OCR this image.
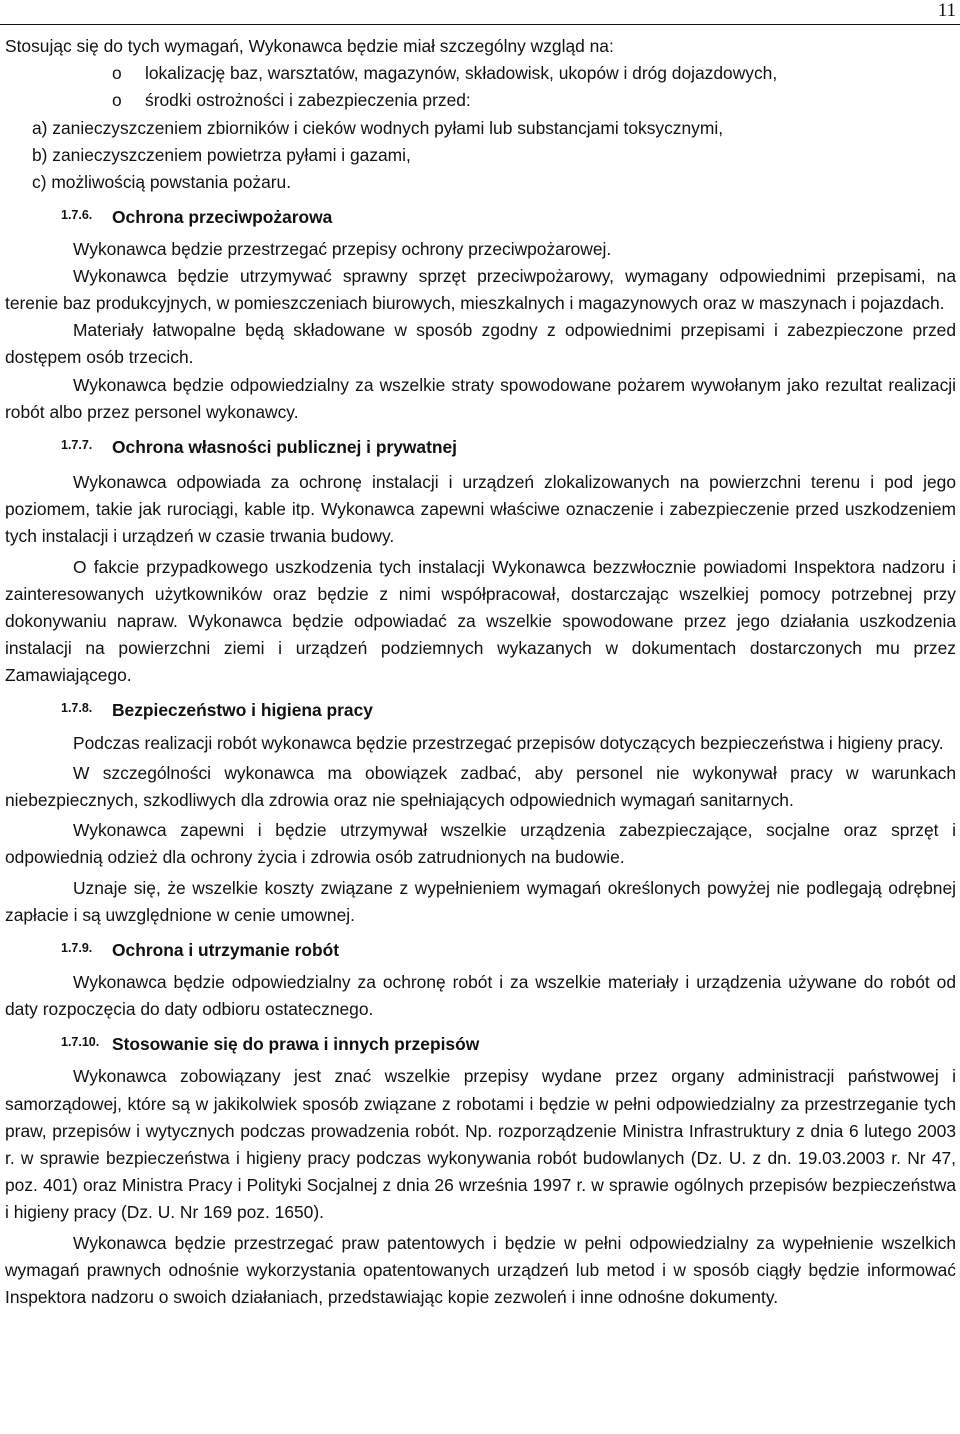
11

Stosując się do tych wymagań, Wykonawca będzie miał szczególny wzgląd na:

o lokalizację baz, warsztatów, magazynów, składowisk, ukopów i dróg dojazdowych,
o środki ostrożności i zabezpieczenia przed:
a) zanieczyszczeniem zbiorników i cieków wodnych pyłami lub substancjami toksycznymi,
b) zanieczyszczeniem powietrza pyłami i gazami,
c) możliwością powstania pożaru.
1.7.6. Ochrona przeciwpożarowa

Wykonawca będzie przestrzegać przepisy ochrony przeciwpożarowej.

Wykonawca będzie utrzymywać sprawny sprzęt przeciwpożarowy, wymagany odpowiednimi przepisami, na terenie baz produkcyjnych, w pomieszczeniach biurowych, mieszkalnych i magazynowych oraz w maszynach i pojazdach.

Materiały łatwopalne będą składowane w sposób zgodny z odpowiednimi przepisami i zabezpieczone przed dostępem osób trzecich.

Wykonawca będzie odpowiedzialny za wszelkie straty spowodowane pożarem wywołanym jako rezultat realizacji robót albo przez personel wykonawcy.

1.7.7. Ochrona własności publicznej i prywatnej

Wykonawca odpowiada za ochronę instalacji i urządzeń zlokalizowanych na powierzchni terenu i pod jego poziomem, takie jak rurociągi, kable itp. Wykonawca zapewni właściwe oznaczenie i zabezpieczenie przed uszkodzeniem tych instalacji i urządzeń w czasie trwania budowy.

O fakcie przypadkowego uszkodzenia tych instalacji Wykonawca bezzwłocznie powiadomi Inspektora nadzoru i zainteresowanych użytkowników oraz będzie z nimi współpracował, dostarczając wszelkiej pomocy potrzebnej przy dokonywaniu napraw. Wykonawca będzie odpowiadać za wszelkie spowodowane przez jego działania uszkodzenia instalacji na powierzchni ziemi i urządzeń podziemnych wykazanych w dokumentach dostarczonych mu przez Zamawiającego.

1.7.8. Bezpieczeństwo i higiena pracy

Podczas realizacji robót wykonawca będzie przestrzegać przepisów dotyczących bezpieczeństwa i higieny pracy.

W szczególności wykonawca ma obowiązek zadbać, aby personel nie wykonywał pracy w warunkach niebezpiecznych, szkodliwych dla zdrowia oraz nie spełniających odpowiednich wymagań sanitarnych.

Wykonawca zapewni i będzie utrzymywał wszelkie urządzenia zabezpieczające, socjalne oraz sprzęt i odpowiednią odzież dla ochrony życia i zdrowia osób zatrudnionych na budowie.

Uznaje się, że wszelkie koszty związane z wypełnieniem wymagań określonych powyżej nie podlegają odrębnej zapłacie i są uwzględnione w cenie umownej.

1.7.9. Ochrona i utrzymanie robót

Wykonawca będzie odpowiedzialny za ochronę robót i za wszelkie materiały i urządzenia używane do robót od daty rozpoczęcia do daty odbioru ostatecznego.

1.7.10. Stosowanie się do prawa i innych przepisów

Wykonawca zobowiązany jest znać wszelkie przepisy wydane przez organy administracji państwowej i samorządowej, które są w jakikolwiek sposób związane z robotami i będzie w pełni odpowiedzialny za przestrzeganie tych praw, przepisów i wytycznych podczas prowadzenia robót. Np. rozporządzenie Ministra Infrastruktury z dnia 6 lutego 2003 r. w sprawie bezpieczeństwa i higieny pracy podczas wykonywania robót budowlanych (Dz. U. z dn. 19.03.2003 r. Nr 47, poz. 401) oraz Ministra Pracy i Polityki Socjalnej z dnia 26 września 1997 r. w sprawie ogólnych przepisów bezpieczeństwa i higieny pracy (Dz. U. Nr 169 poz. 1650).

Wykonawca będzie przestrzegać praw patentowych i będzie w pełni odpowiedzialny za wypełnienie wszelkich wymagań prawnych odnośnie wykorzystania opatentowanych urządzeń lub metod i w sposób ciągły będzie informować Inspektora nadzoru o swoich działaniach, przedstawiając kopie zezwoleń i inne odnośne dokumenty.
